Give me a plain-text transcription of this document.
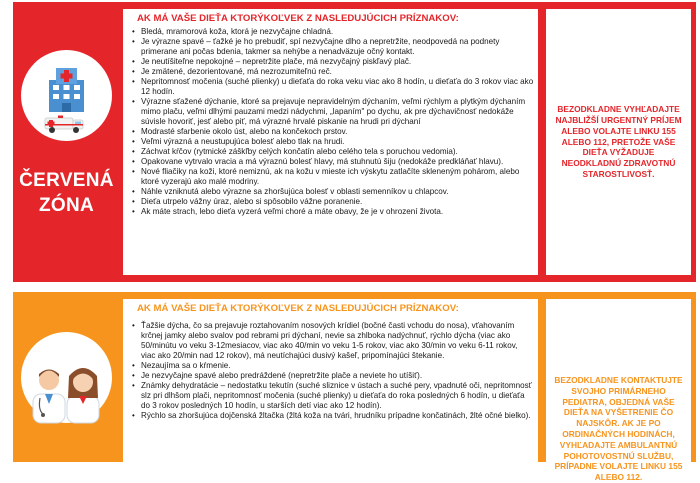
ČERVENÁ
ZÓNA
AK MÁ VAŠE DIEŤA KTORÝKOĽVEK Z NASLEDUJÚCICH PRÍZNAKOV:
• Bledá, mramorová koža, ktorá je nezvyčajne chladná.
• Je výrazne spavé – ťažké je ho prebudiť, spí nezvyčajne dlho a nepretržite, neodpovedá na podnety primerane ani počas bdenia, takmer sa nehýbe a nenadväzuje očný kontakt.
• Je neutíšiteľne nepokojné – nepretržite plače, má nezvyčajný piskľavý plač.
• Je zmätené, dezorientované, má nezrozumiteľnú reč.
• Nepritomnosť močenia (suché plienky) u dieťaťa do roka veku viac ako 8 hodín, u dieťaťa do 3 rokov viac ako 12 hodín.
• Výrazne sťažené dýchanie, ktoré sa prejavuje nepravidelným dýchaním, veľmi rýchlym a plytkým dýchaním mimo plaču, veľmi dlhými pauzami medzi nádychmi, „lapaním" po dychu, ak pre dýchavičnosť nedokáže súvisle hovoriť, jesť alebo piť, má výrazné hrvalé piskanie na hrudi pri dýchaní
• Modrasté sfarbenie okolo úst, alebo na končekoch prstov.
• Veľmi výrazná a neustupujúca bolesť alebo tlak na hrudi.
• Záchvat kŕčov (rytmické záškľby celých končatín alebo celého tela s poruchou vedomia).
• Opakovane vytrvalo vracia a má výraznú bolesť hlavy, má stuhnutú šiju (nedokáže predkláňať hlavu).
• Nové fliačiky na koži, ktoré nemiznú, ak na kožu v mieste ich výskytu zatlačíte skleneným pohárom, alebo ktoré vyzerajú ako malé modriny.
• Náhle vzniknutá alebo výrazne sa zhoršujúca bolesť v oblasti semenníkov u chlapcov.
• Dieťa utrpelo vážny úraz, alebo si spôsobilo vážne poranenie.
• Ak máte strach, lebo dieťa vyzerá veľmi choré a máte obavy, že je v ohrození života.
BEZODKLADNE VYHĽADAJTE NAJBLIŽŠÍ URGENTNÝ PRÍJEM ALEBO VOLAJTE LINKU 155 ALEBO 112, PRETOŽE VAŠE DIEŤA VYŽADUJE NEODKLADNÚ ZDRAVOTNÚ STAROSTLIVOSŤ.
AK MÁ VAŠE DIEŤA KTORÝKOĽVEK Z NASLEDUJÚCICH PRÍZNAKOV:
• Ťažšie dýcha, čo sa prejavuje roztahovaním nosových krídiel (bočné časti vchodu do nosa), vťahovaním krčnej jamky alebo svalov pod rebrami pri dýchaní, nevie sa zhlboka nadýchnuť, rýchlo dýcha (viac ako 50/minútu vo veku 3-12mesiacov, viac ako 40/min vo veku 1-5 rokov, viac ako 30/min vo veku 6-11 rokov, viac ako 20/min nad 12 rokov), má neutíchajúci dusivý kašeľ, pripomínajúci štekanie.
• Nezaujíma sa o kŕmenie.
• Je nezvyčajne spavé alebo predráždené (nepretržite plače a neviete ho utíšiť).
• Známky dehydratácie – nedostatku tekutín (suché sliznice v ústach a suché pery, vpadnuté oči, nepritomnosť slz pri dlhšom plači, nepritomnosť močenia (suché plienky) u dieťaťa do roka posledných 6 hodín, u dieťaťa do 3 rokov posledných 10 hodín, u starších detí viac ako 12 hodín).
• Rýchlo sa zhoršujúca dojčenská žltačka (žltá koža na tvári, hrudníku prípadne končatinách, žlté očné bielko).
BEZODKLADNE KONTAKTUJTE SVOJHO PRIMÁRNEHO PEDIATRA, OBJEDNÁ VAŠE DIEŤA NA VYŠETRENIE ČO NAJSKÔR. AK JE PO ORDINAČNÝCH HODINÁCH, VYHĽADAJTE AMBULANTNÚ POHOTOVOSTNÚ SLUŽBU, PRÍPADNE VOLAJTE LINKU 155 ALEBO 112.
